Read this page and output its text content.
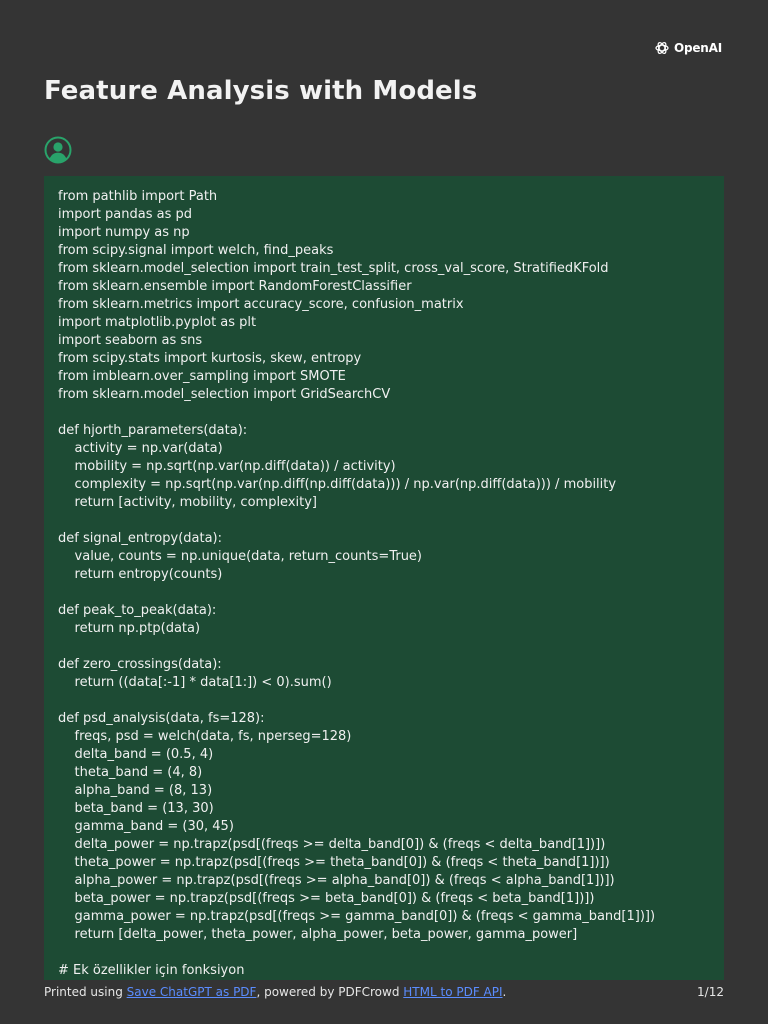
OpenAI
Feature Analysis with Models
from pathlib import Path
import pandas as pd
import numpy as np
from scipy.signal import welch, find_peaks
from sklearn.model_selection import train_test_split, cross_val_score, StratifiedKFold
from sklearn.ensemble import RandomForestClassifier
from sklearn.metrics import accuracy_score, confusion_matrix
import matplotlib.pyplot as plt
import seaborn as sns
from scipy.stats import kurtosis, skew, entropy
from imblearn.over_sampling import SMOTE
from sklearn.model_selection import GridSearchCV
def hjorth_parameters(data):
activity = np.var(data)
mobility = np.sqrt(np.var(np.diff(data)) / activity)
complexity = np.sqrt(np.var(np.diff(np.diff(data))) / np.var(np.diff(data))) / mobility
return [activity, mobility, complexity]
def signal_entropy(data):
value, counts = np.unique(data, return_counts=True)
return entropy(counts)
def peak_to_peak(data):
return np.ptp(data)
def zero_crossings(data):
return ((data[:-1] * data[1:]) < 0).sum()
def psd_analysis(data, fs=128):
freqs, psd = welch(data, fs, nperseg=128)
delta_band = (0.5, 4)
theta_band = (4, 8)
alpha_band = (8, 13)
beta_band = (13, 30)
gamma_band = (30, 45)
delta_power = np.trapz(psd[(freqs >= delta_band[0]) & (freqs < delta_band[1])])
theta_power = np.trapz(psd[(freqs >= theta_band[0]) & (freqs < theta_band[1])])
alpha_power = np.trapz(psd[(freqs >= alpha_band[0]) & (freqs < alpha_band[1])])
beta_power = np.trapz(psd[(freqs >= beta_band[0]) & (freqs < beta_band[1])])
gamma_power = np.trapz(psd[(freqs >= gamma_band[0]) & (freqs < gamma_band[1])])
return [delta_power, theta_power, alpha_power, beta_power, gamma_power]
# Ek özellikler için fonksiyon
Printed using Save ChatGPT as PDF, powered by PDFCrowd HTML to PDF API.	1/12
